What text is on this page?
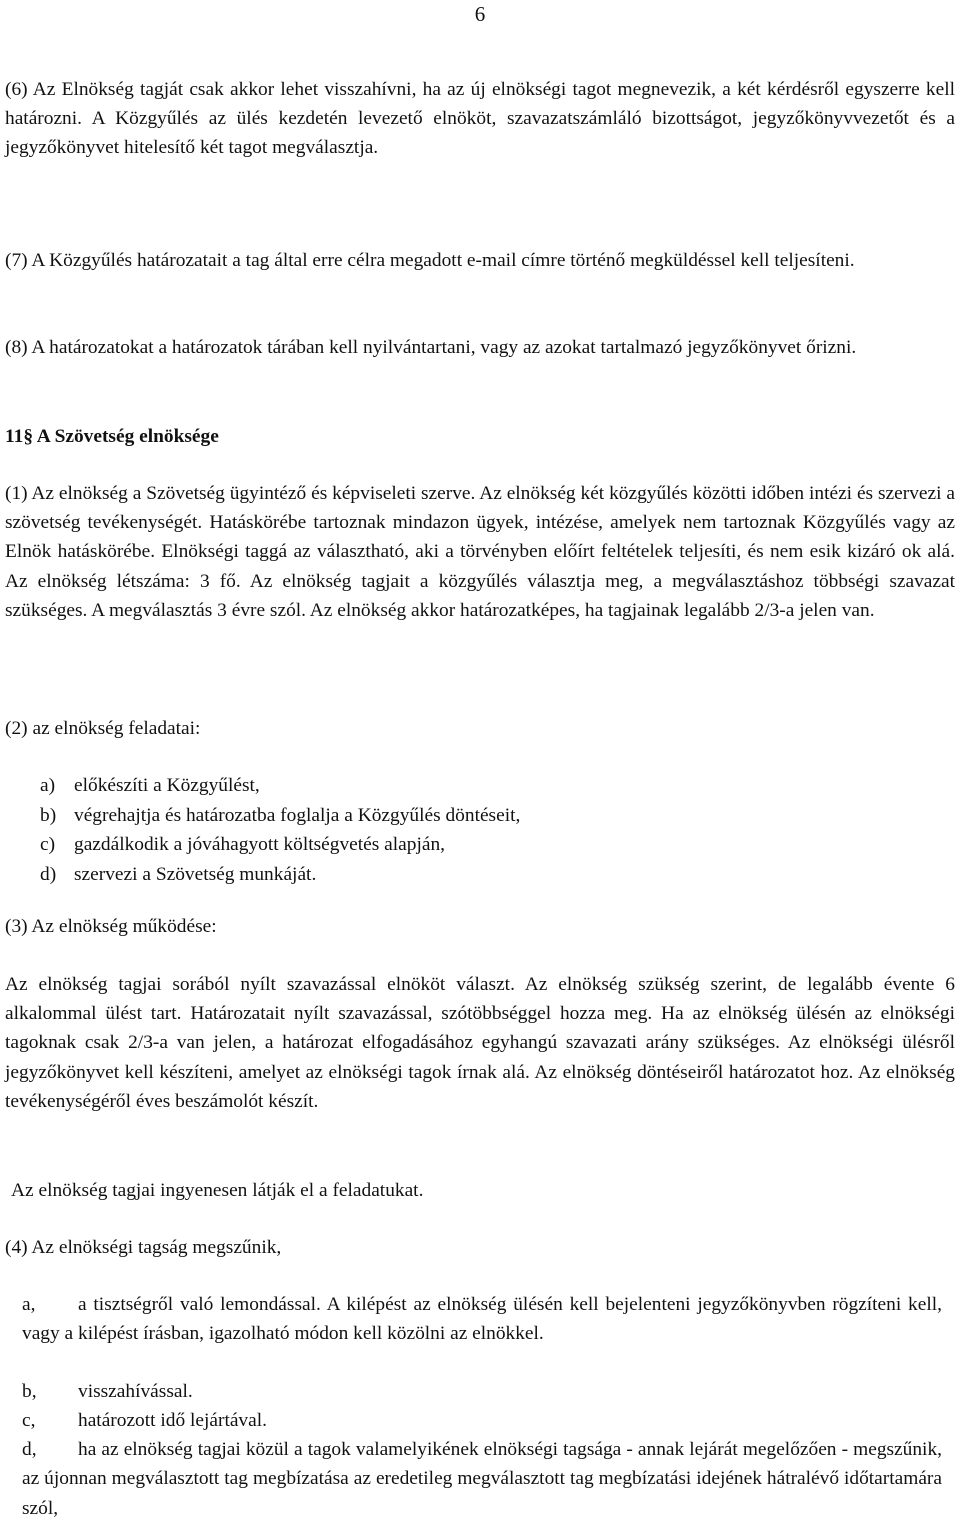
6

(6) Az Elnökség tagját csak akkor lehet visszahívni, ha az új elnökségi tagot megnevezik, a két kérdésről egyszerre kell határozni. A Közgyűlés az ülés kezdetén levezető elnököt, szavazatszámláló bizottságot, jegyzőkönyvvezetőt és a jegyzőkönyvet hitelesítő két tagot megválasztja.

(7) A Közgyűlés határozatait a tag által erre célra megadott e-mail címre történő megküldéssel kell teljesíteni.

(8) A határozatokat a határozatok tárában kell nyilvántartani, vagy az azokat tartalmazó jegyzőkönyvet őrizni.

11§ A Szövetség elnöksége

(1) Az elnökség a Szövetség ügyintéző és képviseleti szerve. Az elnökség két közgyűlés közötti időben intézi és szervezi a szövetség tevékenységét. Hatáskörébe tartoznak mindazon ügyek, intézése, amelyek nem tartoznak Közgyűlés vagy az Elnök hatáskörébe. Elnökségi taggá az választható, aki a törvényben előírt feltételek teljesíti, és nem esik kizáró ok alá. Az elnökség létszáma: 3 fő. Az elnökség tagjait a közgyűlés választja meg, a megválasztáshoz többségi szavazat szükséges. A megválasztás 3 évre szól. Az elnökség akkor határozatképes, ha tagjainak legalább 2/3-a jelen van.

(2) az elnökség feladatai:

a) előkészíti a Közgyűlést,
b) végrehajtja és határozatba foglalja a Közgyűlés döntéseit,
c) gazdálkodik a jóváhagyott költségvetés alapján,
d) szervezi a Szövetség munkáját.

(3) Az elnökség működése:

Az elnökség tagjai sorából nyílt szavazással elnököt választ. Az elnökség szükség szerint, de legalább évente 6 alkalommal ülést tart. Határozatait nyílt szavazással, szótöbbséggel hozza meg. Ha az elnökség ülésén az elnökségi tagoknak csak 2/3-a van jelen, a határozat elfogadásához egyhangú szavazati arány szükséges. Az elnökségi ülésről jegyzőkönyvet kell készíteni, amelyet az elnökségi tagok írnak alá. Az elnökség döntéseiről határozatot hoz. Az elnökség tevékenységéről éves beszámolót készít.

Az elnökség tagjai ingyenesen látják el a feladatukat.

(4) Az elnökségi tagság megszűnik,

a, a tisztségről való lemondással. A kilépést az elnökség ülésén kell bejelenteni jegyzőkönyvben rögzíteni kell, vagy a kilépést írásban, igazolható módon kell közölni az elnökkel.
b, visszahívással.
c, határozott idő lejártával.
d, ha az elnökség tagjai közül a tagok valamelyikének elnökségi tagsága - annak lejárát megelőzően - megszűnik, az újonnan megválasztott tag megbízatása az eredetileg megválasztott tag megbízatási idejének hátralévő időtartamára szól,
